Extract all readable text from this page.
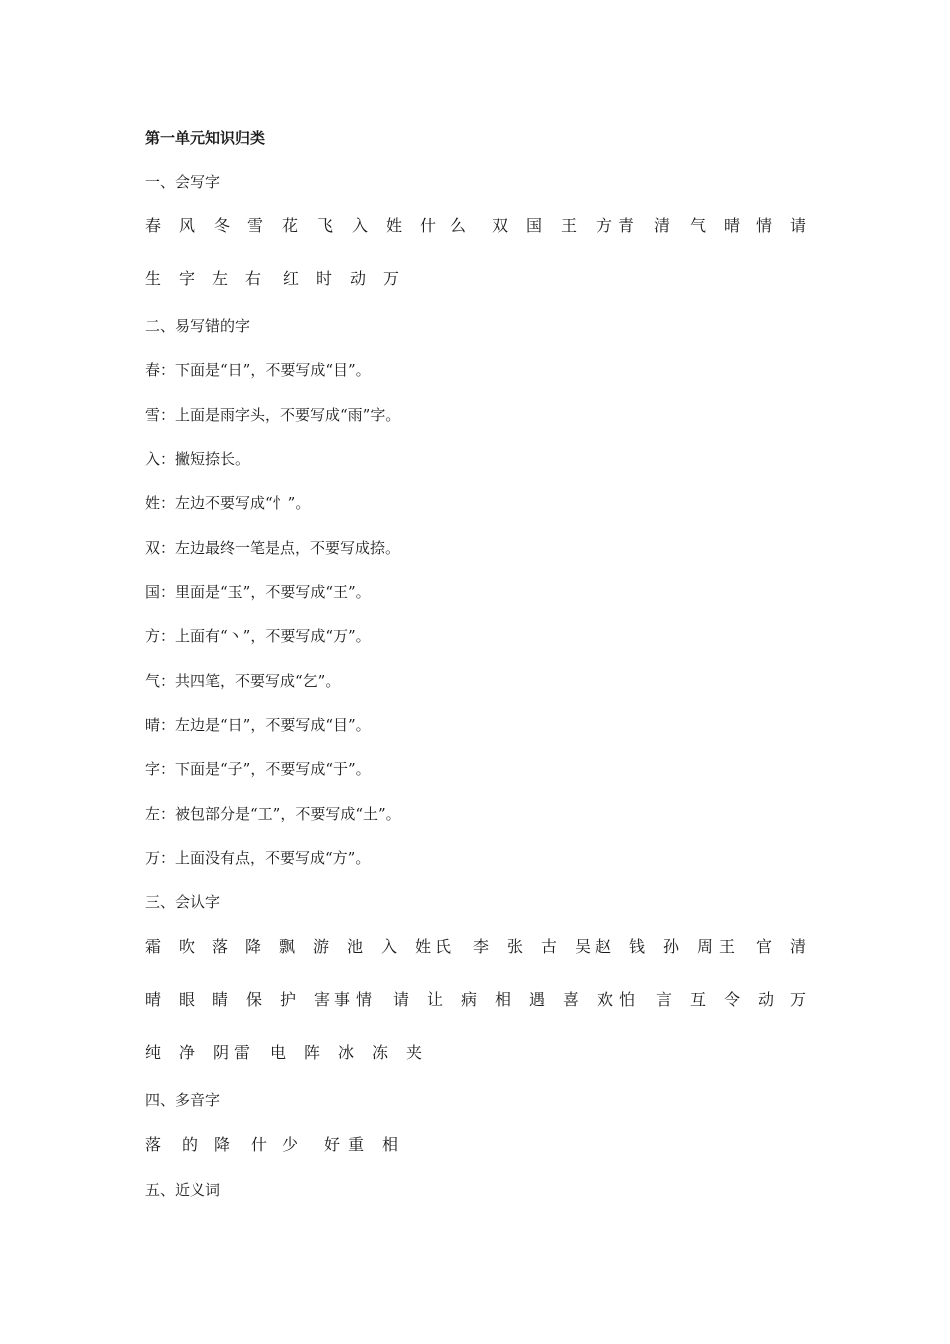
第一单元知识归类
一、会写字
春 风 冬 雪 花 飞 入 姓 什 么 双 国 王 方 青 清 气 晴 情 请
生 字 左 右 红 时 动 万
二、易写错的字
春：下面是“日”，不要写成“目”。
雪：上面是雨字头，不要写成“雨”字。
入：撇短捺长。
姓：左边不要写成“忄”。
双：左边最终一笔是点，不要写成捺。
国：里面是“玉”，不要写成“王”。
方：上面有“丶”，不要写成“万”。
气：共四笔，不要写成“乞”。
晴：左边是“日”，不要写成“目”。
字：下面是“子”，不要写成“于”。
左：被包部分是“工”，不要写成“土”。
万：上面没有点，不要写成“方”。
三、会认字
霜 吹 落 降 飘 游 池 入 姓 氏 李 张 古 吴 赵 钱 孙 周 王 官 清
晴 眼 睛 保 护 害 事 情 请 让 病 相 遇 喜 欢 怕 言 互 令 动 万
纯 净 阴 雷 电 阵 冰 冻 夹
四、多音字
落 的 降 什 少 好 重 相
五、近义词
